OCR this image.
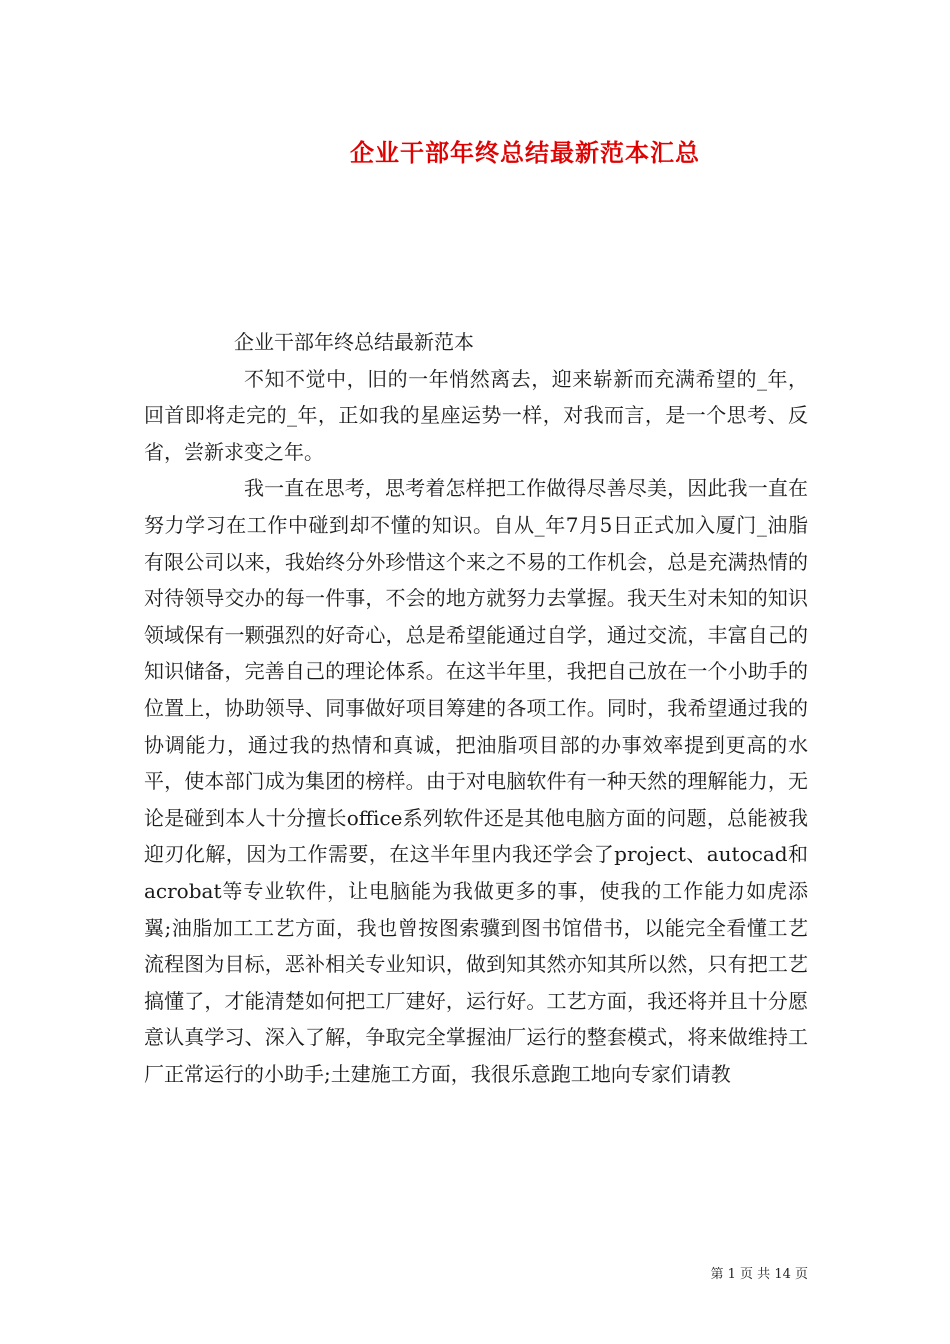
企业干部年终总结最新范本汇总

企业干部年终总结最新范本

不知不觉中，旧的一年悄然离去，迎来崭新而充满希望的_年，回首即将走完的_年，正如我的星座运势一样，对我而言，是一个思考、反省，尝新求变之年。

我一直在思考，思考着怎样把工作做得尽善尽美，因此我一直在努力学习在工作中碰到却不懂的知识。自从_年7月5日正式加入厦门_油脂有限公司以来，我始终分外珍惜这个来之不易的工作机会，总是充满热情的对待领导交办的每一件事，不会的地方就努力去掌握。我天生对未知的知识领域保有一颗强烈的好奇心，总是希望能通过自学，通过交流，丰富自己的知识储备，完善自己的理论体系。在这半年里，我把自己放在一个小助手的位置上，协助领导、同事做好项目筹建的各项工作。同时，我希望通过我的协调能力，通过我的热情和真诚，把油脂项目部的办事效率提到更高的水平，使本部门成为集团的榜样。由于对电脑软件有一种天然的理解能力，无论是碰到本人十分擅长office系列软件还是其他电脑方面的问题，总能被我迎刃化解，因为工作需要，在这半年里内我还学会了project、autocad和acrobat等专业软件，让电脑能为我做更多的事，使我的工作能力如虎添翼;油脂加工工艺方面，我也曾按图索骥到图书馆借书，以能完全看懂工艺流程图为目标，恶补相关专业知识，做到知其然亦知其所以然，只有把工艺搞懂了，才能清楚如何把工厂建好，运行好。工艺方面，我还将并且十分愿意认真学习、深入了解，争取完全掌握油厂运行的整套模式，将来做维持工厂正常运行的小助手;土建施工方面，我很乐意跑工地向专家们请教

第 1 页 共 14 页
